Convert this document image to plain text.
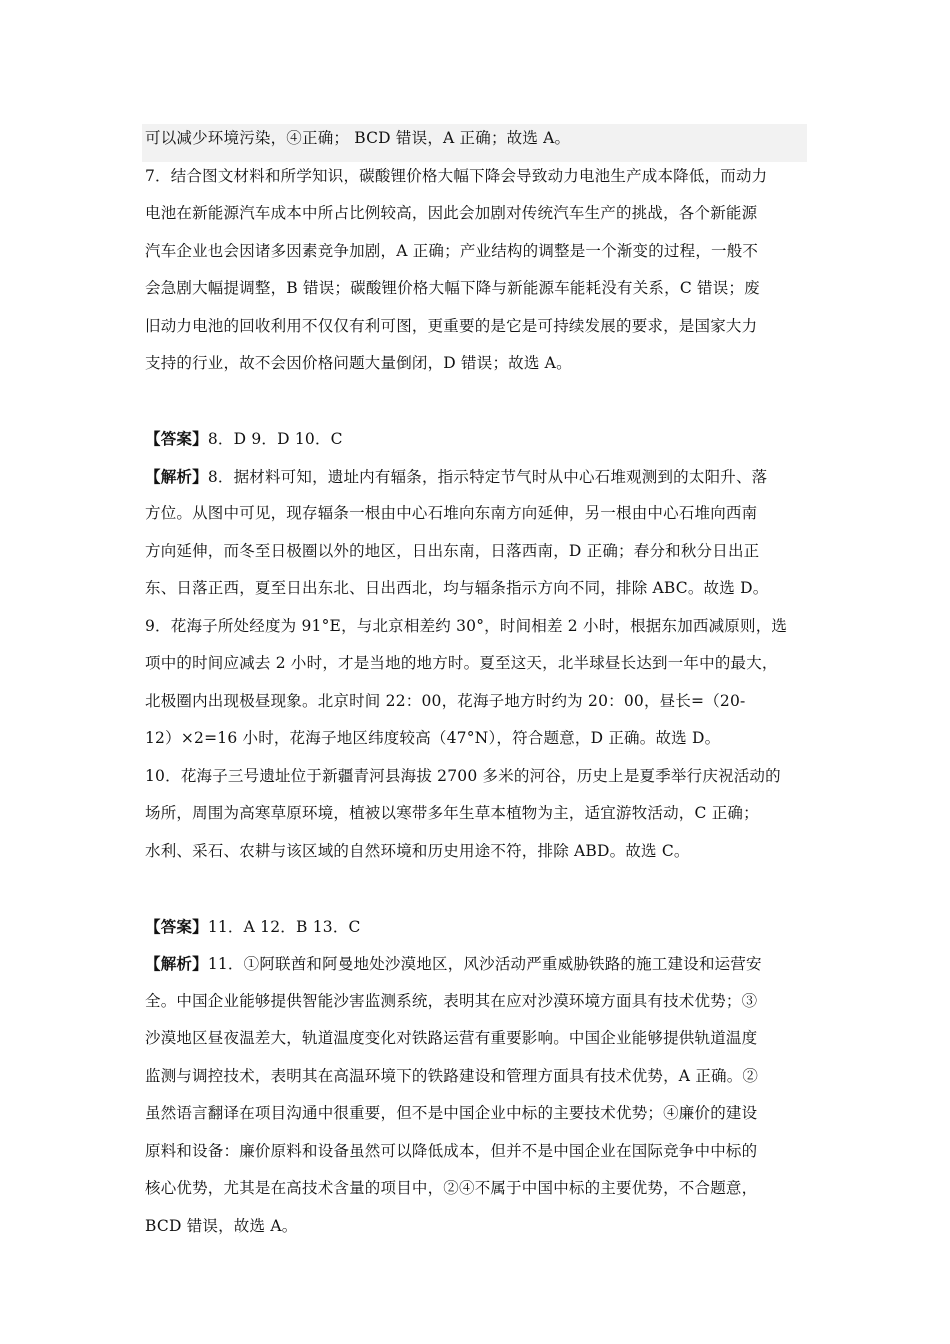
可以减少环境污染，④正确； BCD 错误，A 正确；故选 A。
7．结合图文材料和所学知识，碳酸锂价格大幅下降会导致动力电池生产成本降低，而动力
电池在新能源汽车成本中所占比例较高，因此会加剧对传统汽车生产的挑战，各个新能源
汽车企业也会因诸多因素竞争加剧，A 正确；产业结构的调整是一个渐变的过程，一般不
会急剧大幅提调整，B 错误；碳酸锂价格大幅下降与新能源车能耗没有关系，C 错误；废
旧动力电池的回收利用不仅仅有利可图，更重要的是它是可持续发展的要求，是国家大力
支持的行业，故不会因价格问题大量倒闭，D 错误；故选 A。
【答案】8．D 9．D 10．C
【解析】8．据材料可知，遗址内有辐条，指示特定节气时从中心石堆观测到的太阳升、落
方位。从图中可见，现存辐条一根由中心石堆向东南方向延伸，另一根由中心石堆向西南
方向延伸，而冬至日极圈以外的地区，日出东南，日落西南，D 正确；春分和秋分日出正
东、日落正西，夏至日出东北、日出西北，均与辐条指示方向不同，排除 ABC。故选 D。
9．花海子所处经度为 91°E，与北京相差约 30°，时间相差 2 小时，根据东加西减原则，选
项中的时间应减去 2 小时，才是当地的地方时。夏至这天，北半球昼长达到一年中的最大，
北极圈内出现极昼现象。北京时间 22：00，花海子地方时约为 20：00，昼长=（20-
12）×2=16 小时，花海子地区纬度较高（47°N），符合题意，D 正确。故选 D。
10．花海子三号遗址位于新疆青河县海拔 2700 多米的河谷，历史上是夏季举行庆祝活动的
场所，周围为高寒草原环境，植被以寒带多年生草本植物为主，适宜游牧活动，C 正确；
水利、采石、农耕与该区域的自然环境和历史用途不符，排除 ABD。故选 C。
【答案】11．A 12．B 13．C
【解析】11．①阿联酋和阿曼地处沙漠地区，风沙活动严重威胁铁路的施工建设和运营安
全。中国企业能够提供智能沙害监测系统，表明其在应对沙漠环境方面具有技术优势；③
沙漠地区昼夜温差大，轨道温度变化对铁路运营有重要影响。中国企业能够提供轨道温度
监测与调控技术，表明其在高温环境下的铁路建设和管理方面具有技术优势，A 正确。②
虽然语言翻译在项目沟通中很重要，但不是中国企业中标的主要技术优势；④廉价的建设
原料和设备：廉价原料和设备虽然可以降低成本，但并不是中国企业在国际竞争中中标的
核心优势，尤其是在高技术含量的项目中，②④不属于中国中标的主要优势，不合题意，
BCD 错误，故选 A。
